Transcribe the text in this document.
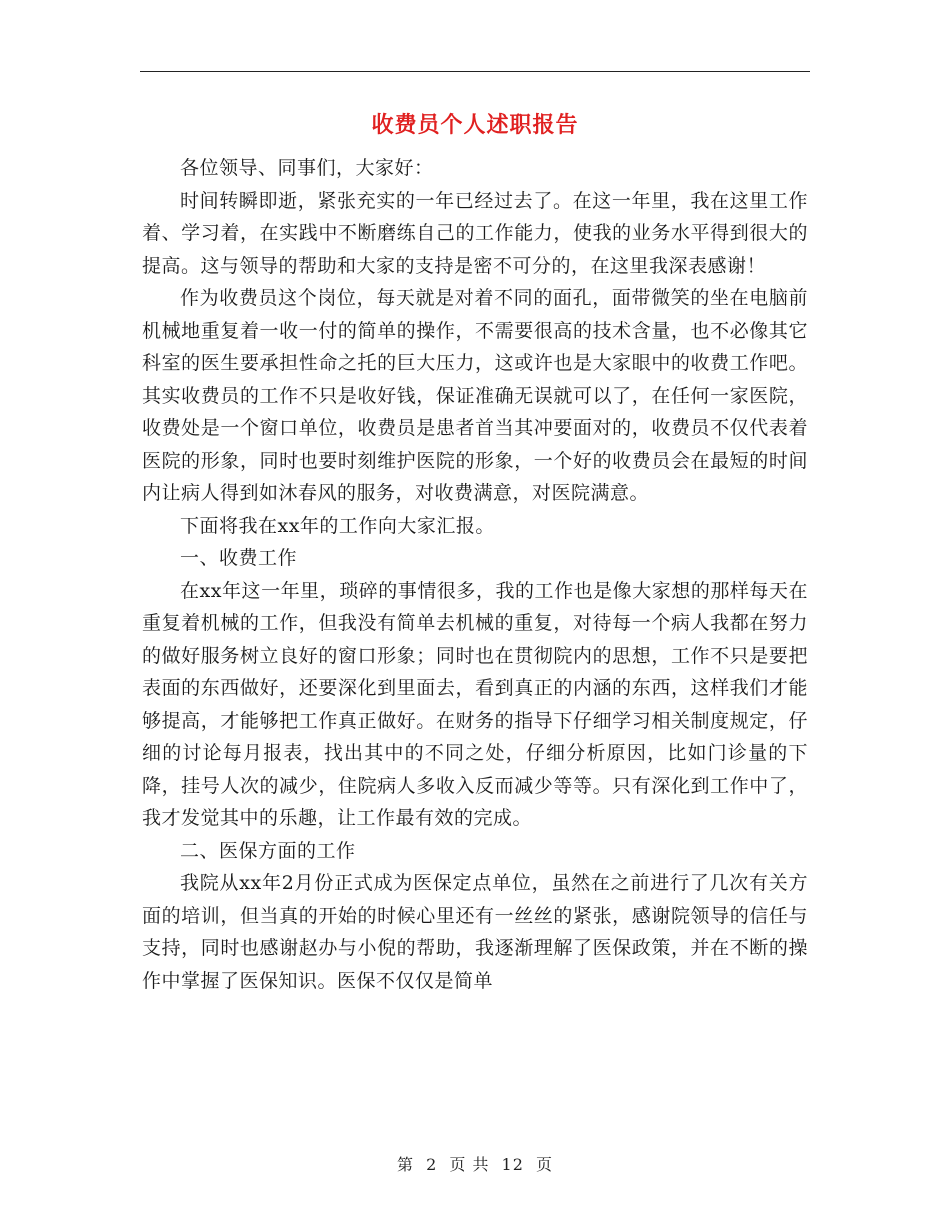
收费员个人述职报告

各位领导、同事们，大家好：

时间转瞬即逝，紧张充实的一年已经过去了。在这一年里，我在这里工作着、学习着，在实践中不断磨练自己的工作能力，使我的业务水平得到很大的提高。这与领导的帮助和大家的支持是密不可分的，在这里我深表感谢！

作为收费员这个岗位，每天就是对着不同的面孔，面带微笑的坐在电脑前机械地重复着一收一付的简单的操作，不需要很高的技术含量，也不必像其它科室的医生要承担性命之托的巨大压力，这或许也是大家眼中的收费工作吧。其实收费员的工作不只是收好钱，保证准确无误就可以了，在任何一家医院，收费处是一个窗口单位，收费员是患者首当其冲要面对的，收费员不仅代表着医院的形象，同时也要时刻维护医院的形象，一个好的收费员会在最短的时间内让病人得到如沐春风的服务，对收费满意，对医院满意。

下面将我在xx年的工作向大家汇报。

一、收费工作

在xx年这一年里，琐碎的事情很多，我的工作也是像大家想的那样每天在重复着机械的工作，但我没有简单去机械的重复，对待每一个病人我都在努力的做好服务树立良好的窗口形象；同时也在贯彻院内的思想，工作不只是要把表面的东西做好，还要深化到里面去，看到真正的内涵的东西，这样我们才能够提高，才能够把工作真正做好。在财务的指导下仔细学习相关制度规定，仔细的讨论每月报表，找出其中的不同之处，仔细分析原因，比如门诊量的下降，挂号人次的减少，住院病人多收入反而减少等等。只有深化到工作中了，我才发觉其中的乐趣，让工作最有效的完成。

二、医保方面的工作

我院从xx年2月份正式成为医保定点单位，虽然在之前进行了几次有关方面的培训，但当真的开始的时候心里还有一丝丝的紧张，感谢院领导的信任与支持，同时也感谢赵办与小倪的帮助，我逐渐理解了医保政策，并在不断的操作中掌握了医保知识。医保不仅仅是简单

第 2 页 共 12 页
